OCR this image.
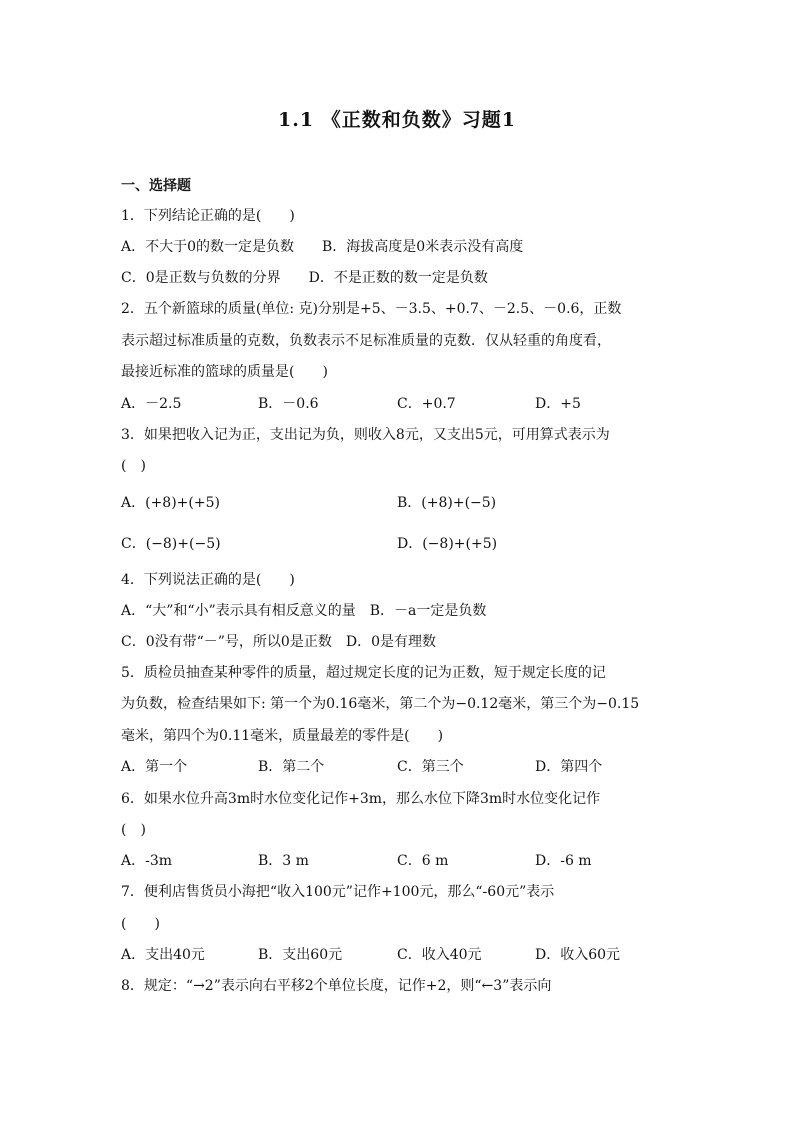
1.1 《正数和负数》习题1
一、选择题
1．下列结论正确的是(　　)
A．不大于0的数一定是负数　　B．海拔高度是0米表示没有高度
C．0是正数与负数的分界　　D．不是正数的数一定是负数
2．五个新篮球的质量(单位: 克)分别是+5、－3.5、+0.7、－2.5、－0.6，正数
表示超过标准质量的克数，负数表示不足标准质量的克数．仅从轻重的角度看，
最接近标准的篮球的质量是(　　)
A．－2.5	B．－0.6	C．+0.7	D．+5
3．如果把收入记为正，支出记为负，则收入8元，又支出5元，可用算式表示为
(　)
A．(+8)+(+5)	B．(+8)+(−5)
C．(−8)+(−5)	D．(−8)+(+5)
4．下列说法正确的是(　　)
A．“大”和“小”表示具有相反意义的量　B．－a一定是负数
C．0没有带“－”号，所以0是正数　D．0是有理数
5．质检员抽查某种零件的质量，超过规定长度的记为正数，短于规定长度的记
为负数，检查结果如下: 第一个为0.16毫米，第二个为−0.12毫米，第三个为−0.15
毫米，第四个为0.11毫米，质量最差的零件是(　　)
A．第一个	B．第二个	C．第三个	D．第四个
6．如果水位升高3m时水位变化记作+3m，那么水位下降3m时水位变化记作
(　)
A．-3m	B．3 m	C．6 m	D．-6 m
7．便利店售货员小海把“收入100元”记作+100元，那么“-60元”表示
(　　)
A．支出40元	B．支出60元	C．收入40元	D．收入60元
8．规定：“→2”表示向右平移2个单位长度，记作+2，则“←3”表示向
